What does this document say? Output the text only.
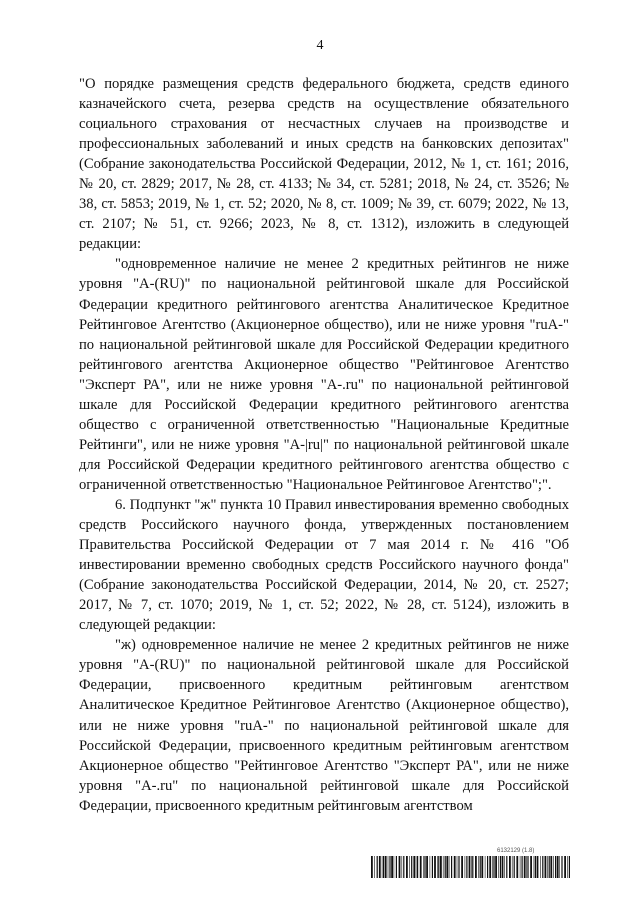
4

"О порядке размещения средств федерального бюджета, средств единого казначейского счета, резерва средств на осуществление обязательного социального страхования от несчастных случаев на производстве и профессиональных заболеваний и иных средств на банковских депозитах" (Собрание законодательства Российской Федерации, 2012, № 1, ст. 161; 2016, № 20, ст. 2829; 2017, № 28, ст. 4133; № 34, ст. 5281; 2018, № 24, ст. 3526; № 38, ст. 5853; 2019, № 1, ст. 52; 2020, № 8, ст. 1009; № 39, ст. 6079; 2022, № 13, ст. 2107; № 51, ст. 9266; 2023, № 8, ст. 1312), изложить в следующей редакции:

"одновременное наличие не менее 2 кредитных рейтингов не ниже уровня "A-(RU)" по национальной рейтинговой шкале для Российской Федерации кредитного рейтингового агентства Аналитическое Кредитное Рейтинговое Агентство (Акционерное общество), или не ниже уровня "ruA-" по национальной рейтинговой шкале для Российской Федерации кредитного рейтингового агентства Акционерное общество "Рейтинговое Агентство "Эксперт РА", или не ниже уровня "А-.ru" по национальной рейтинговой шкале для Российской Федерации кредитного рейтингового агентства общество с ограниченной ответственностью "Национальные Кредитные Рейтинги", или не ниже уровня "A-|ru|" по национальной рейтинговой шкале для Российской Федерации кредитного рейтингового агентства общество с ограниченной ответственностью "Национальное Рейтинговое Агентство";".

6. Подпункт "ж" пункта 10 Правил инвестирования временно свободных средств Российского научного фонда, утвержденных постановлением Правительства Российской Федерации от 7 мая 2014 г. № 416 "Об инвестировании временно свободных средств Российского научного фонда" (Собрание законодательства Российской Федерации, 2014, № 20, ст. 2527; 2017, № 7, ст. 1070; 2019, № 1, ст. 52; 2022, № 28, ст. 5124), изложить в следующей редакции:

"ж) одновременное наличие не менее 2 кредитных рейтингов не ниже уровня "A-(RU)" по национальной рейтинговой шкале для Российской Федерации, присвоенного кредитным рейтинговым агентством Аналитическое Кредитное Рейтинговое Агентство (Акционерное общество), или не ниже уровня "ruA-" по национальной рейтинговой шкале для Российской Федерации, присвоенного кредитным рейтинговым агентством Акционерное общество "Рейтинговое Агентство "Эксперт РА", или не ниже уровня "А-.ru" по национальной рейтинговой шкале для Российской Федерации, присвоенного кредитным рейтинговым агентством

6132129 (1.8)
